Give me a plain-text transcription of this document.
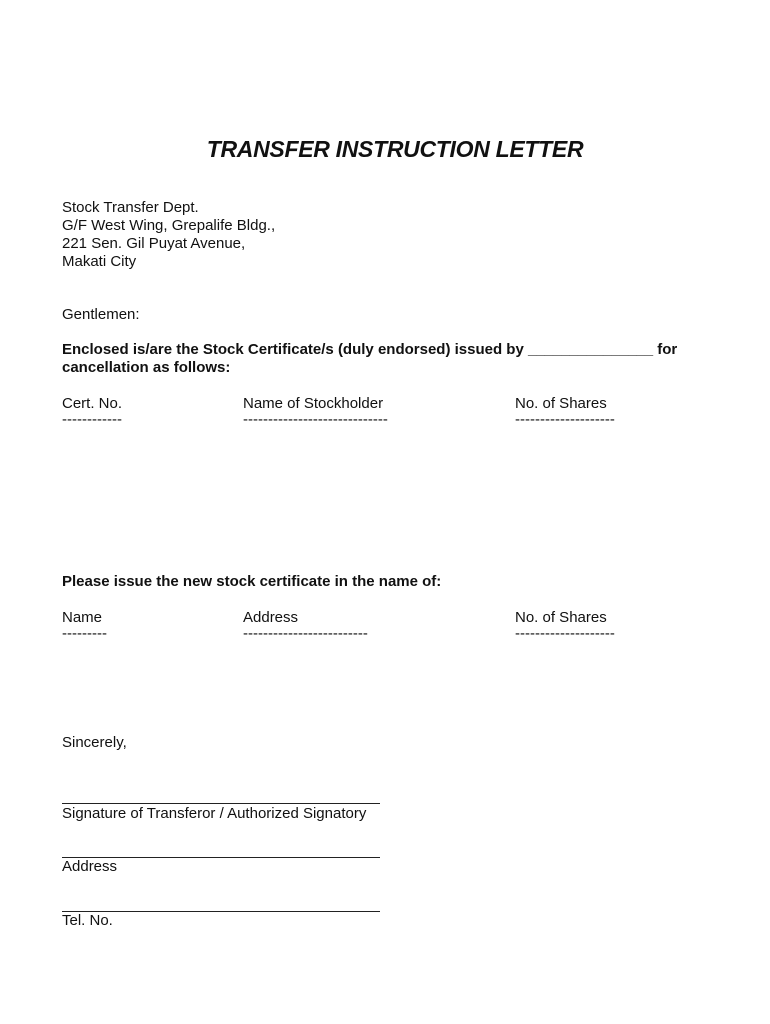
TRANSFER INSTRUCTION LETTER
Stock Transfer Dept.
G/F West Wing, Grepalife Bldg.,
221 Sen. Gil Puyat Avenue,
Makati City
Gentlemen:
Enclosed is/are the Stock Certificate/s (duly endorsed) issued by _______________ for
cancellation as follows:
Cert. No.	Name of Stockholder	No. of Shares
------------	-----------------------------	--------------------
Please issue the new stock certificate in the name of:
Name	Address	No. of Shares
---------	-------------------------	--------------------
Sincerely,
Signature of Transferor / Authorized Signatory
Address
Tel. No.
